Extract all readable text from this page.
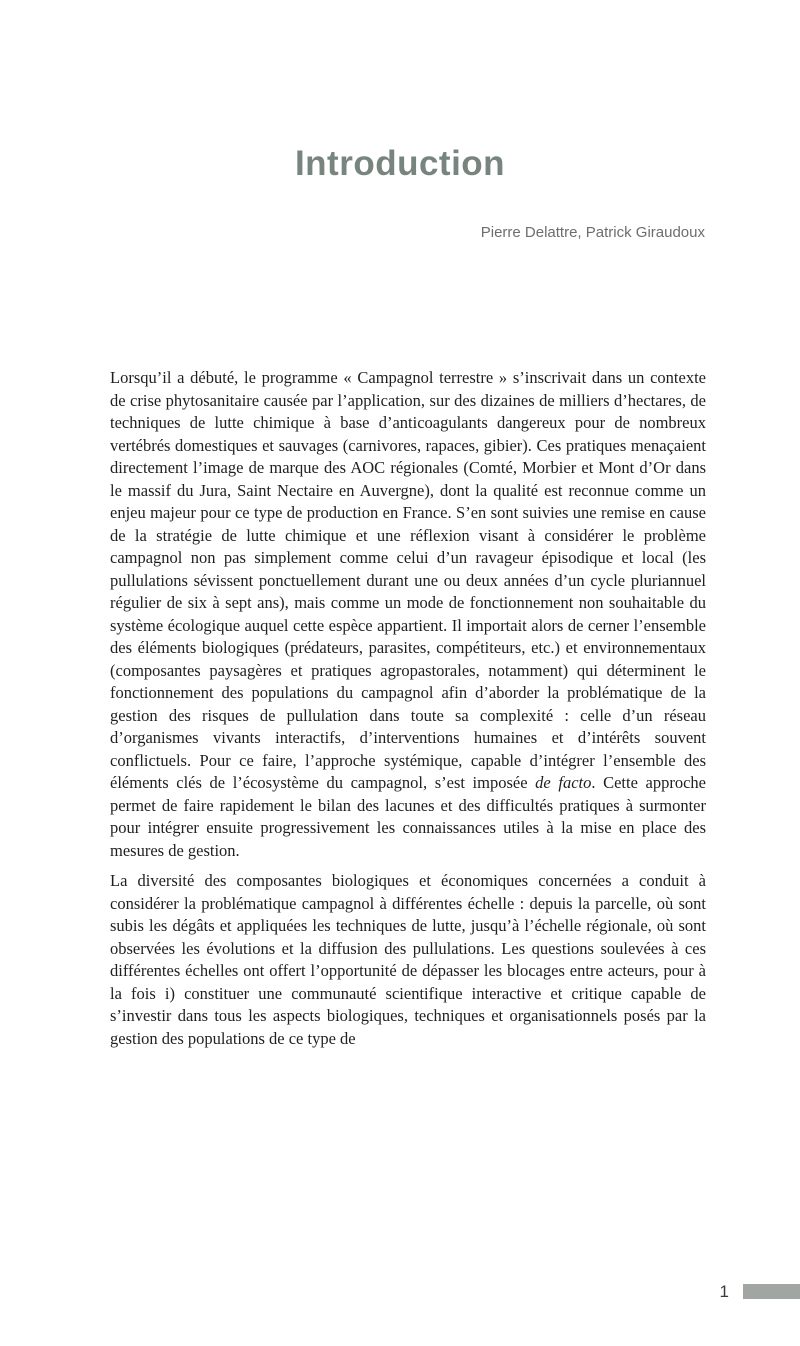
Introduction
Pierre Delattre, Patrick Giraudoux

Lorsqu’il a débuté, le programme « Campagnol terrestre » s’inscrivait dans un contexte de crise phytosanitaire causée par l’application, sur des dizaines de milliers d’hectares, de techniques de lutte chimique à base d’anticoagulants dangereux pour de nombreux vertébrés domestiques et sauvages (carnivores, rapaces, gibier). Ces pratiques menaçaient directement l’image de marque des AOC régionales (Comté, Morbier et Mont d’Or dans le massif du Jura, Saint Nectaire en Auvergne), dont la qualité est reconnue comme un enjeu majeur pour ce type de production en France. S’en sont suivies une remise en cause de la stratégie de lutte chimique et une réflexion visant à considérer le problème campagnol non pas simplement comme celui d’un ravageur épisodique et local (les pullulations sévissent ponctuellement durant une ou deux années d’un cycle pluriannuel régulier de six à sept ans), mais comme un mode de fonctionnement non souhaitable du système écologique auquel cette espèce appartient. Il importait alors de cerner l’ensemble des éléments biologiques (prédateurs, parasites, compétiteurs, etc.) et environnementaux (composantes paysagères et pratiques agropastorales, notamment) qui déterminent le fonctionnement des populations du campagnol afin d’aborder la problématique de la gestion des risques de pullulation dans toute sa complexité : celle d’un réseau d’organismes vivants interactifs, d’interventions humaines et d’intérêts souvent conflictuels. Pour ce faire, l’approche systémique, capable d’intégrer l’ensemble des éléments clés de l’écosystème du campagnol, s’est imposée de facto. Cette approche permet de faire rapidement le bilan des lacunes et des difficultés pratiques à surmonter pour intégrer ensuite progressivement les connaissances utiles à la mise en place des mesures de gestion.

La diversité des composantes biologiques et économiques concernées a conduit à considérer la problématique campagnol à différentes échelle : depuis la parcelle, où sont subis les dégâts et appliquées les techniques de lutte, jusqu’à l’échelle régionale, où sont observées les évolutions et la diffusion des pullulations. Les questions soulevées à ces différentes échelles ont offert l’opportunité de dépasser les blocages entre acteurs, pour à la fois i) constituer une communauté scientifique interactive et critique capable de s’investir dans tous les aspects biologiques, techniques et organisationnels posés par la gestion des populations de ce type de

1
